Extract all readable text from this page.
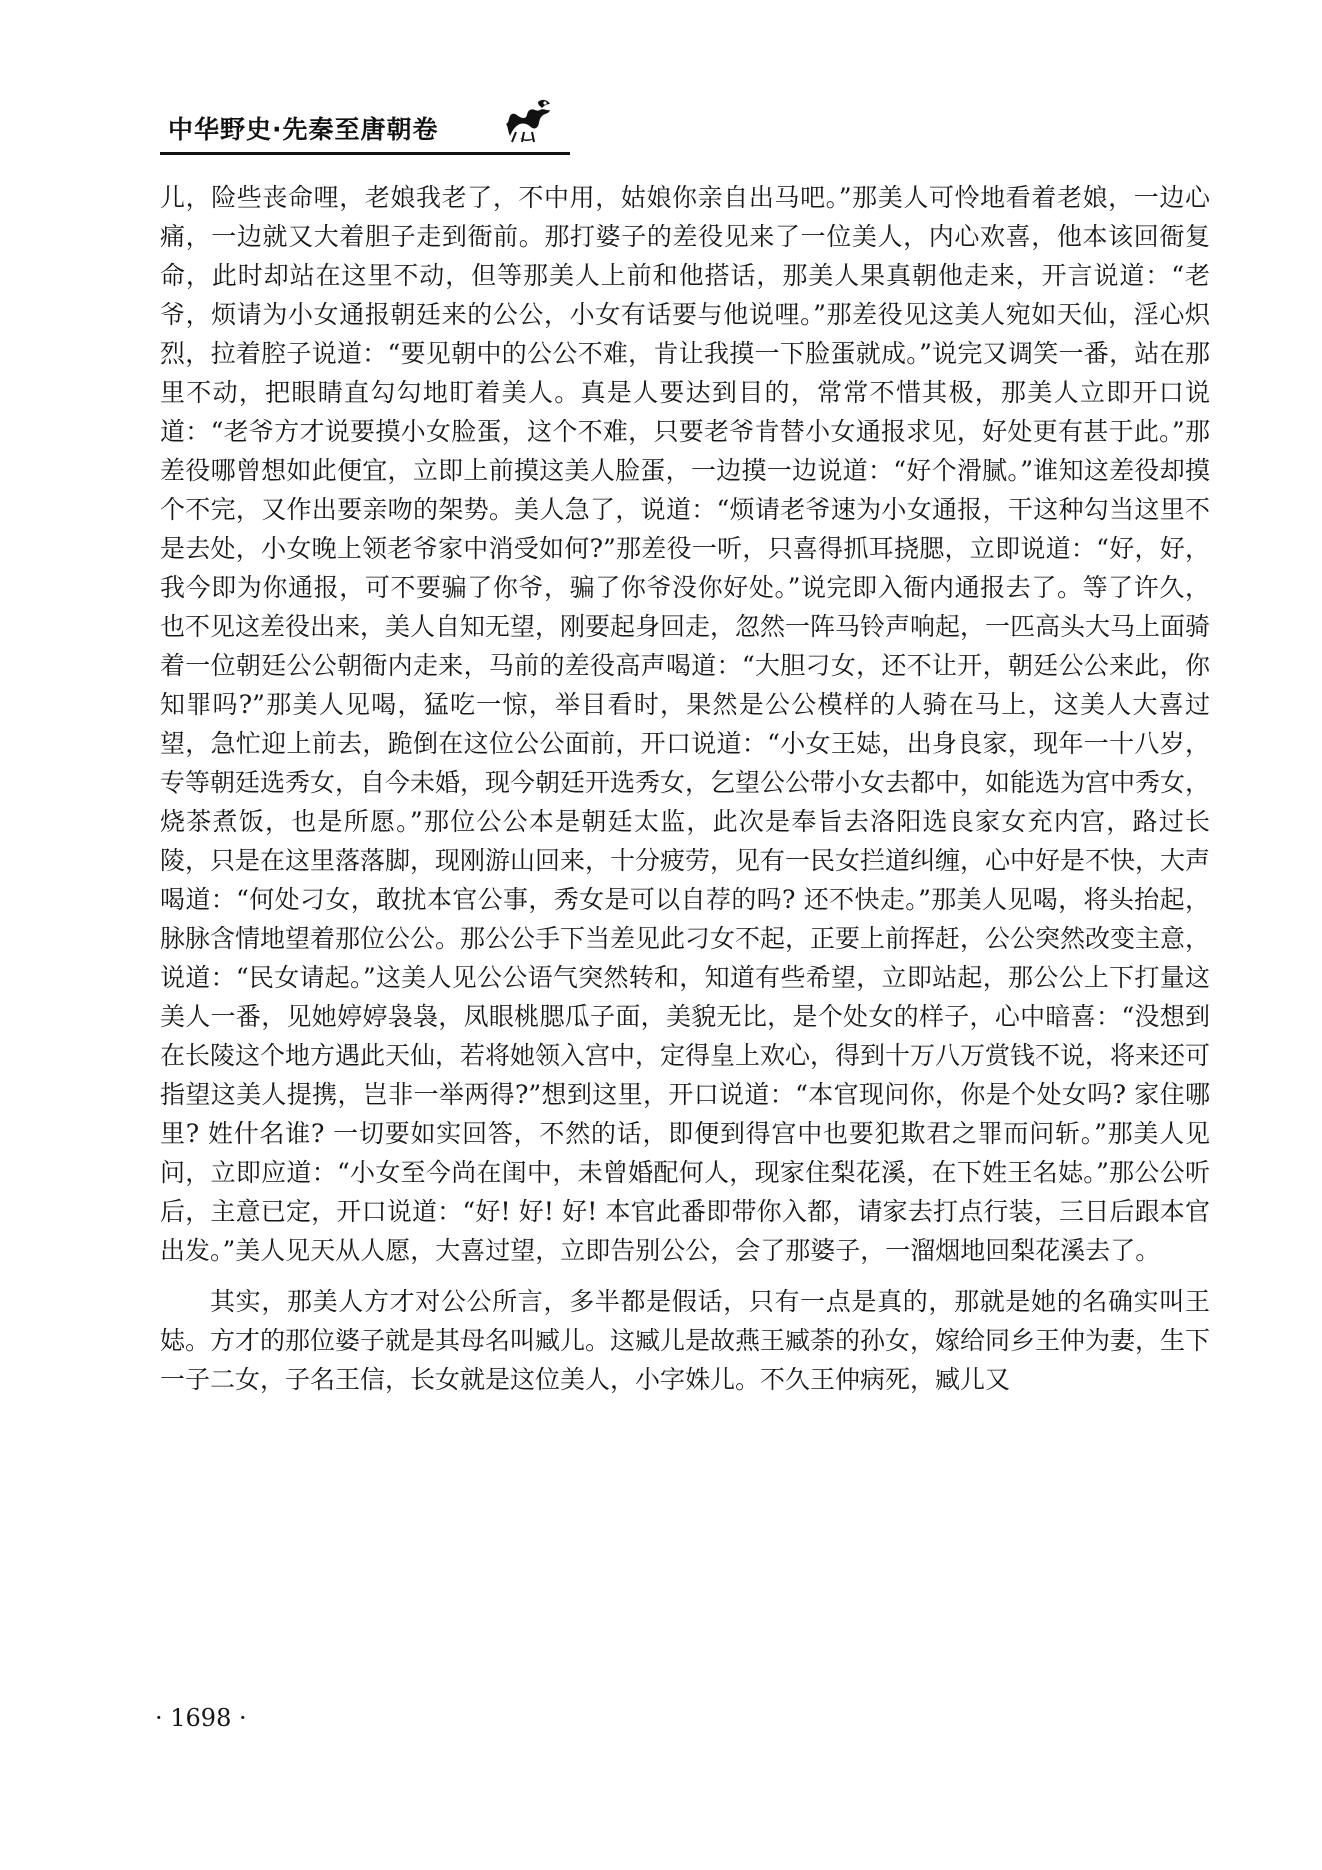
中华野史·先秦至唐朝卷

儿，险些丧命哩，老娘我老了，不中用，姑娘你亲自出马吧。”那美人可怜地看着老娘，一边心痛，一边就又大着胆子走到衙前。那打婆子的差役见来了一位美人，内心欢喜，他本该回衙复命，此时却站在这里不动，但等那美人上前和他搭话，那美人果真朝他走来，开言说道：“老爷，烦请为小女通报朝廷来的公公，小女有话要与他说哩。”那差役见这美人宛如天仙，淫心炽烈，拉着腔子说道：“要见朝中的公公不难，肯让我摸一下脸蛋就成。”说完又调笑一番，站在那里不动，把眼睛直勾勾地盯着美人。真是人要达到目的，常常不惜其极，那美人立即开口说道：“老爷方才说要摸小女脸蛋，这个不难，只要老爷肯替小女通报求见，好处更有甚于此。”那差役哪曾想如此便宜，立即上前摸这美人脸蛋，一边摸一边说道：“好个滑腻。”谁知这差役却摸个不完，又作出要亲吻的架势。美人急了，说道：“烦请老爷速为小女通报，干这种勾当这里不是去处，小女晚上领老爷家中消受如何?”那差役一听，只喜得抓耳挠腮，立即说道：“好，好，我今即为你通报，可不要骗了你爷，骗了你爷没你好处。”说完即入衙内通报去了。等了许久，也不见这差役出来，美人自知无望，刚要起身回走，忽然一阵马铃声响起，一匹高头大马上面骑着一位朝廷公公朝衙内走来，马前的差役高声喝道：“大胆刁女，还不让开，朝廷公公来此，你知罪吗?”那美人见喝，猛吃一惊，举目看时，果然是公公模样的人骑在马上，这美人大喜过望，急忙迎上前去，跪倒在这位公公面前，开口说道：“小女王娡，出身良家，现年一十八岁，专等朝廷选秀女，自今未婚，现今朝廷开选秀女，乞望公公带小女去都中，如能选为宫中秀女，烧茶煮饭，也是所愿。”那位公公本是朝廷太监，此次是奉旨去洛阳选良家女充内宫，路过长陵，只是在这里落落脚，现刚游山回来，十分疲劳，见有一民女拦道纠缠，心中好是不快，大声喝道：“何处刁女，敢扰本官公事，秀女是可以自荐的吗? 还不快走。”那美人见喝，将头抬起，脉脉含情地望着那位公公。那公公手下当差见此刁女不起，正要上前挥赶，公公突然改变主意，说道：“民女请起。”这美人见公公语气突然转和，知道有些希望，立即站起，那公公上下打量这美人一番，见她婷婷袅袅，凤眼桃腮瓜子面，美貌无比，是个处女的样子，心中暗喜：“没想到在长陵这个地方遇此天仙，若将她领入宫中，定得皇上欢心，得到十万八万赏钱不说，将来还可指望这美人提携，岂非一举两得?”想到这里，开口说道：“本官现问你，你是个处女吗? 家住哪里? 姓什名谁? 一切要如实回答，不然的话，即便到得宫中也要犯欺君之罪而问斩。”那美人见问，立即应道：“小女至今尚在闺中，未曾婚配何人，现家住梨花溪，在下姓王名娡。”那公公听后，主意已定，开口说道：“好! 好! 好! 本官此番即带你入都，请家去打点行装，三日后跟本官出发。”美人见天从人愿，大喜过望，立即告别公公，会了那婆子，一溜烟地回梨花溪去了。

其实，那美人方才对公公所言，多半都是假话，只有一点是真的，那就是她的名确实叫王娡。方才的那位婆子就是其母名叫臧儿。这臧儿是故燕王臧荼的孙女，嫁给同乡王仲为妻，生下一子二女，子名王信，长女就是这位美人，小字姝儿。不久王仲病死，臧儿又

· 1698 ·
